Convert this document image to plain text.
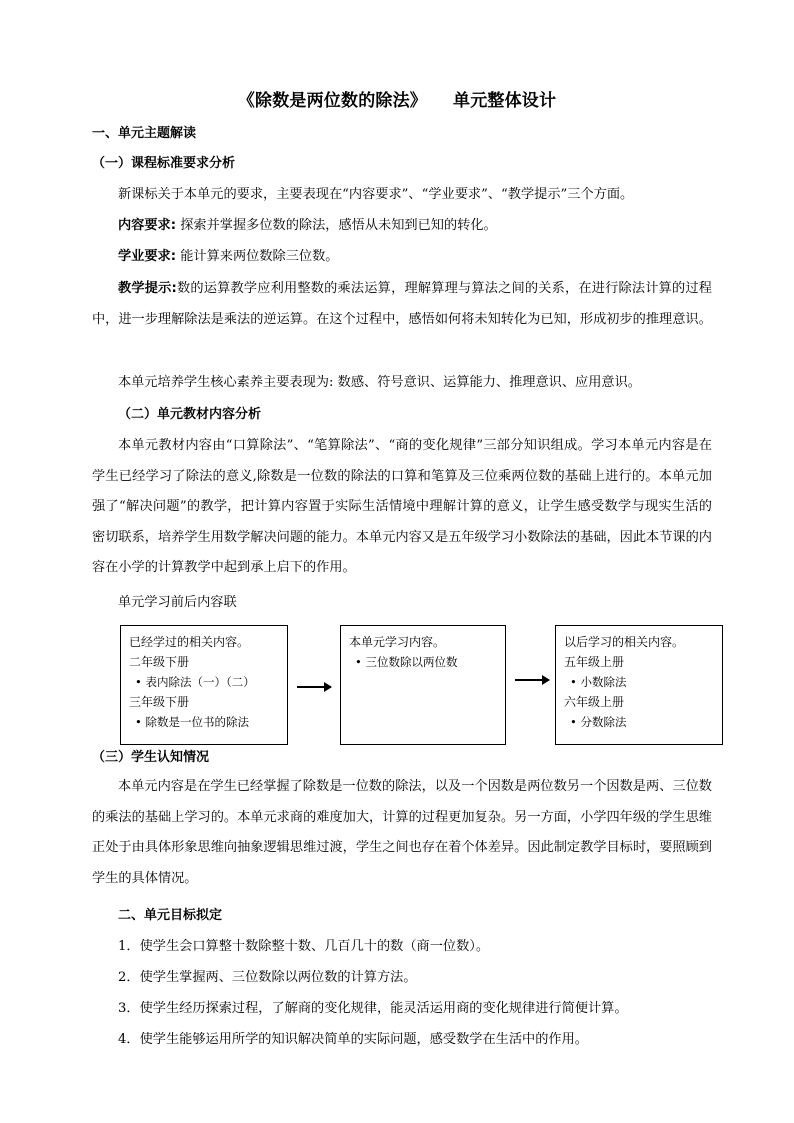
《除数是两位数的除法》 单元整体设计
一、单元主题解读
（一）课程标准要求分析
新课标关于本单元的要求，主要表现在“内容要求”、“学业要求”、“教学提示”三个方面。
内容要求: 探索并掌握多位数的除法，感悟从未知到已知的转化。
学业要求: 能计算来两位数除三位数。
教学提示:数的运算教学应利用整数的乘法运算，理解算理与算法之间的关系，在进行除法计算的过程中，进一步理解除法是乘法的逆运算。在这个过程中，感悟如何将未知转化为已知，形成初步的推理意识。
本单元培养学生核心素养主要表现为: 数感、符号意识、运算能力、推理意识、应用意识。
（二）单元教材内容分析
本单元教材内容由“口算除法”、“笔算除法”、“商的变化规律”三部分知识组成。学习本单元内容是在学生已经学习了除法的意义,除数是一位数的除法的口算和笔算及三位乘两位数的基础上进行的。本单元加强了“解决问题”的教学，把计算内容置于实际生活情境中理解计算的意义，让学生感受数学与现实生活的密切联系，培养学生用数学解决问题的能力。本单元内容又是五年级学习小数除法的基础，因此本节课的内容在小学的计算教学中起到承上启下的作用。
单元学习前后内容联
已经学过的相关内容。
二年级下册
• 表内除法（一）（二）
三年级下册
• 除数是一位书的除法
本单元学习内容。
• 三位数除以两位数
以后学习的相关内容。
五年级上册
• 小数除法
六年级上册
• 分数除法
（三）学生认知情况
本单元内容是在学生已经掌握了除数是一位数的除法，以及一个因数是两位数另一个因数是两、三位数的乘法的基础上学习的。本单元求商的难度加大，计算的过程更加复杂。另一方面，小学四年级的学生思维正处于由具体形象思维向抽象逻辑思维过渡，学生之间也存在着个体差异。因此制定教学目标时，要照顾到学生的具体情况。
二、单元目标拟定
1．使学生会口算整十数除整十数、几百几十的数（商一位数）。
2．使学生掌握两、三位数除以两位数的计算方法。
3．使学生经历探索过程，了解商的变化规律，能灵活运用商的变化规律进行简便计算。
4．使学生能够运用所学的知识解决简单的实际问题，感受数学在生活中的作用。
